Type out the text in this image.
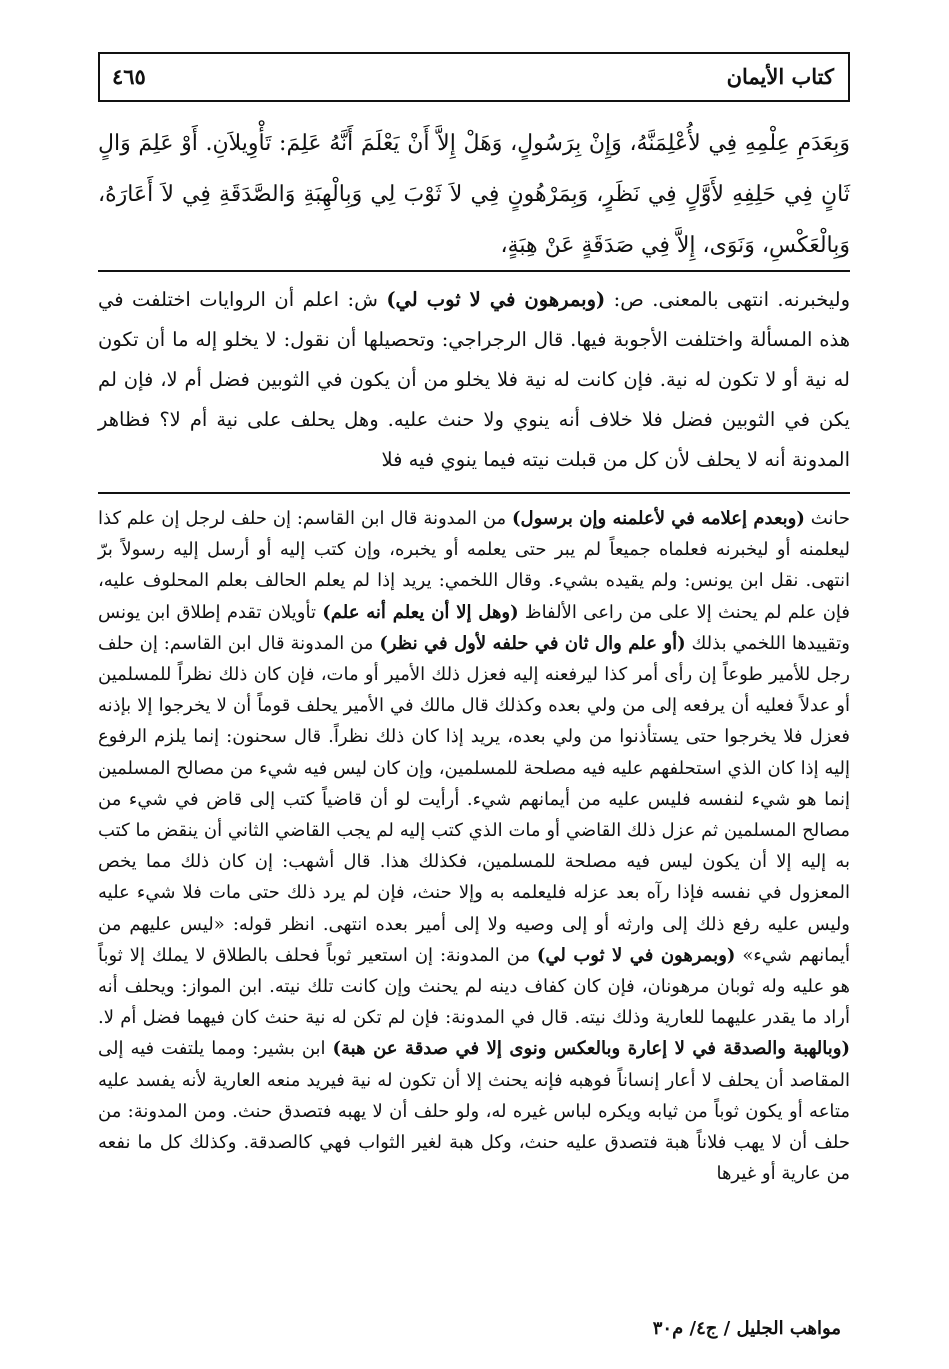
كتاب الأيمان
٤٦٥
وَبِعَدَمِ عِلْمِهِ فِي لأُعْلِمَنَّهُ، وَإِنْ بِرَسُولٍ، وَهَلْ إِلاَّ أَنْ يَعْلَمَ أَنَّهُ عَلِمَ: تَأْوِيلاَنِ. أَوْ عَلِمَ وَالٍ ثَانٍ فِي حَلِفِهِ لأَوَّلٍ فِي نَظَرٍ، وَبِمَرْهُونٍ فِي لاَ ثَوْبَ لِي وَبِالْهِبَةِ وَالصَّدَقَةِ فِي لاَ أَعَارَهُ، وَبِالْعَكْسِ، وَنَوَى، إِلاَّ فِي صَدَقَةٍ عَنْ هِبَةٍ،
وليخبرنه. انتهى بالمعنى. ص: (وبمرهون في لا ثوب لي) ش: اعلم أن الروايات اختلفت في هذه المسألة واختلفت الأجوبة فيها. قال الرجراجي: وتحصيلها أن نقول: لا يخلو إله ما أن تكون له نية أو لا تكون له نية. فإن كانت له نية فلا يخلو من أن يكون في الثوبين فضل أم لا، فإن لم يكن في الثوبين فضل فلا خلاف أنه ينوي ولا حنث عليه. وهل يحلف على نية أم لا؟ فظاهر المدونة أنه لا يحلف لأن كل من قبلت نيته فيما ينوي فيه فلا
حانث (وبعدم إعلامه في لأعلمنه وإن برسول) من المدونة قال ابن القاسم: إن حلف لرجل إن علم كذا ليعلمنه أو ليخبرنه فعلماه جميعاً لم يبر حتى يعلمه أو يخبره، وإن كتب إليه أو أرسل إليه رسولاً برّ انتهى. نقل ابن يونس: ولم يقيده بشيء. وقال اللخمي: يريد إذا لم يعلم الحالف بعلم المحلوف عليه، فإن علم لم يحنث إلا على من راعى الألفاظ (وهل إلا أن يعلم أنه علم) تأويلان تقدم إطلاق ابن يونس وتقييدها اللخمي بذلك (أو علم وال ثان في حلفه لأول في نظر) من المدونة قال ابن القاسم: إن حلف رجل للأمير طوعاً إن رأى أمر كذا ليرفعنه إليه فعزل ذلك الأمير أو مات، فإن كان ذلك نظراً للمسلمين أو عدلاً فعليه أن يرفعه إلى من ولي بعده وكذلك قال مالك في الأمير يحلف قوماً أن لا يخرجوا إلا بإذنه فعزل فلا يخرجوا حتى يستأذنوا من ولي بعده، يريد إذا كان ذلك نظراً. قال سحنون: إنما يلزم الرفوع إليه إذا كان الذي استحلفهم عليه فيه مصلحة للمسلمين، وإن كان ليس فيه شيء من مصالح المسلمين إنما هو شيء لنفسه فليس عليه من أيمانهم شيء. أرأيت لو أن قاضياً كتب إلى قاض في شيء من مصالح المسلمين ثم عزل ذلك القاضي أو مات الذي كتب إليه لم يجب القاضي الثاني أن ينقض ما كتب به إليه إلا أن يكون ليس فيه مصلحة للمسلمين، فكذلك هذا. قال أشهب: إن كان ذلك مما يخص المعزول في نفسه فإذا رآه بعد عزله فليعلمه به وإلا حنث، فإن لم يرد ذلك حتى مات فلا شيء عليه وليس عليه رفع ذلك إلى وارثه أو إلى وصيه ولا إلى أمير بعده انتهى. انظر قوله: «ليس عليهم من أيمانهم شيء» (وبمرهون في لا ثوب لي) من المدونة: إن استعير ثوباً فحلف بالطلاق لا يملك إلا ثوباً هو عليه وله ثوبان مرهونان، فإن كان كفاف دينه لم يحنث وإن كانت تلك نيته. ابن المواز: ويحلف أنه أراد ما يقدر عليهما للعارية وذلك نيته. قال في المدونة: فإن لم تكن له نية حنث كان فيهما فضل أم لا. (وبالهبة والصدقة في لا إعارة وبالعكس ونوى إلا في صدقة عن هبة) ابن بشير: ومما يلتفت فيه إلى المقاصد أن يحلف لا أعار إنساناً فوهبه فإنه يحنث إلا أن تكون له نية فيريد منعه العارية لأنه يفسد عليه متاعه أو يكون ثوباً من ثيابه ويكره لباس غيره له، ولو حلف أن لا يهبه فتصدق حنث. ومن المدونة: من حلف أن لا يهب فلاناً هبة فتصدق عليه حنث، وكل هبة لغير الثواب فهي كالصدقة. وكذلك كل ما نفعه من عارية أو غيرها
مواهب الجليل / ج٤/ م٣٠
